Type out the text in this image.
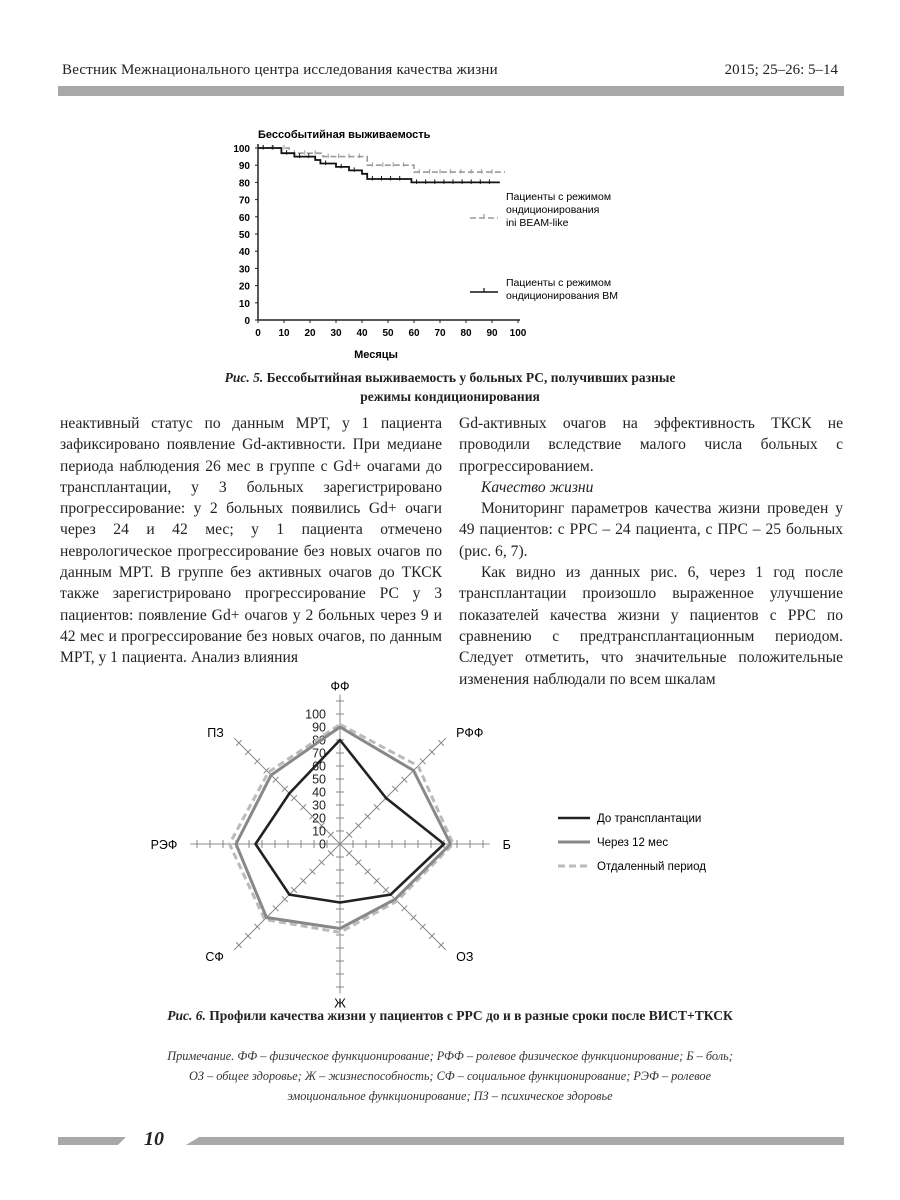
Вестник Межнационального центра исследования качества жизни	2015; 25–26: 5–14
Бессобытийная выживаемость
0
10
20
30
40
50
60
70
80
90
100
0 10 20 30 40 50 60 70 80 90 100
Пациенты с режимом ондиционирования ini BEAM-like
Пациенты с режимом ондиционирования BM
Месяцы
Рис. 5. Бессобытийная выживаемость у больных РС, получивших разные режимы кондиционирования

неактивный статус по данным МРТ, у 1 пациента зафиксировано появление Gd-активности. При медиане периода наблюдения 26 мес в группе с Gd+ очагами до трансплантации, у 3 больных зарегистрировано прогрессирование: у 2 больных появились Gd+ очаги через 24 и 42 мес; у 1 пациента отмечено неврологическое прогрессирование без новых очагов по данным МРТ. В группе без активных очагов до ТКСК также зарегистрировано прогрессирование РС у 3 пациентов: появление Gd+ очагов у 2 больных через 9 и 42 мес и прогрессирование без новых очагов, по данным МРТ, у 1 пациента. Анализ влияния

Gd-активных очагов на эффективность ТКСК не проводили вследствие малого числа больных с прогрессированием.

Качество жизни

Мониторинг параметров качества жизни проведен у 49 пациентов: с РРС – 24 пациента, с ПРС – 25 больных (рис. 6, 7).

Как видно из данных рис. 6, через 1 год после трансплантации произошло выраженное улучшение показателей качества жизни у пациентов с РРС по сравнению с предтрансплантационным периодом. Следует отметить, что значительные положительные изменения наблюдали по всем шкалам

0
10
20
30
40
50
60
70
80
90
100
ФФ
РФФ
Б
ОЗ
Ж
СФ
РЭФ
ПЗ
До трансплантации
Через 12 мес
Отдаленный период
Рис. 6. Профили качества жизни у пациентов с РРС до и в разные сроки после ВИСТ+ТКСК
Примечание. ФФ – физическое функционирование; РФФ – ролевое физическое функционирование; Б – боль; ОЗ – общее здоровье; Ж – жизнеспособность; СФ – социальное функционирование; РЭФ – ролевое эмоциональное функционирование; ПЗ – психическое здоровье
10
